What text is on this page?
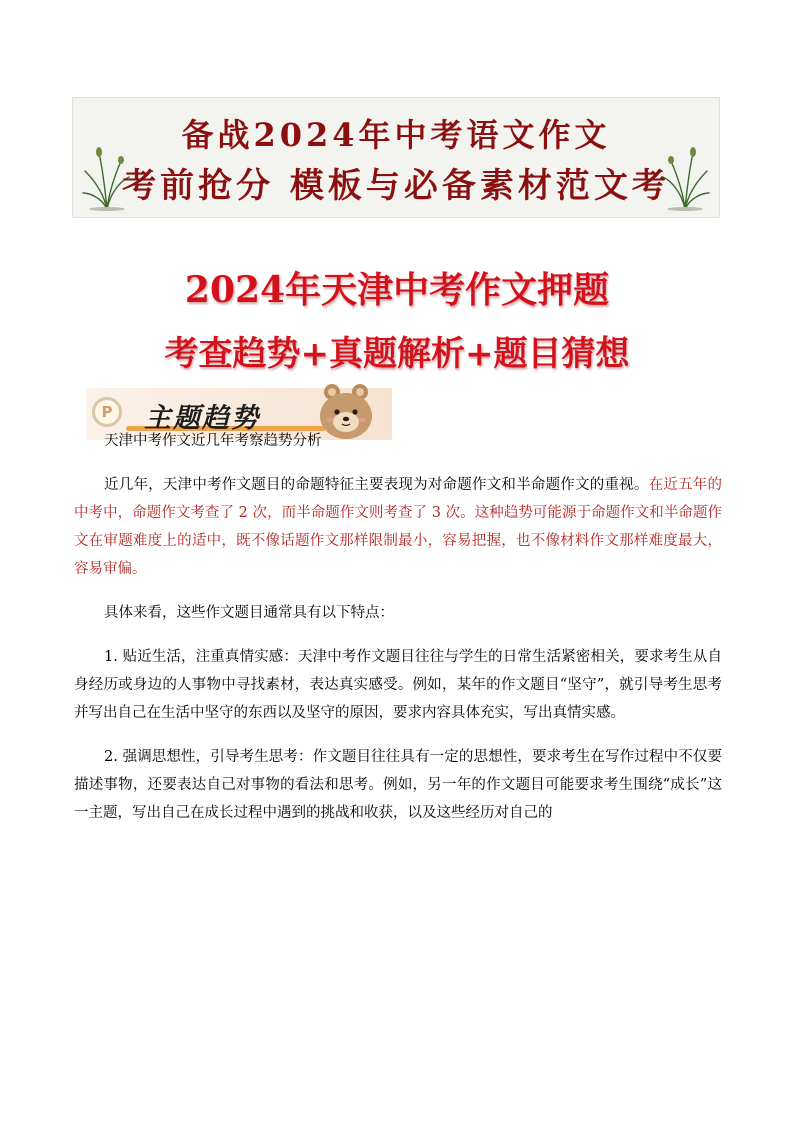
备战2024年中考语文作文
考前抢分 模板与必备素材范文考
2024年天津中考作文押题
考查趋势+真题解析+题目猜想
P	主题趋势

天津中考作文近几年考察趋势分析

近几年，天津中考作文题目的命题特征主要表现为对命题作文和半命题作文的重视。在近五年的中考中，命题作文考查了 2 次，而半命题作文则考查了 3 次。这种趋势可能源于命题作文和半命题作文在审题难度上的适中，既不像话题作文那样限制最小，容易把握，也不像材料作文那样难度最大，容易审偏。

具体来看，这些作文题目通常具有以下特点：

1. 贴近生活，注重真情实感：天津中考作文题目往往与学生的日常生活紧密相关，要求考生从自身经历或身边的人事物中寻找素材，表达真实感受。例如，某年的作文题目“坚守”，就引导考生思考并写出自己在生活中坚守的东西以及坚守的原因，要求内容具体充实，写出真情实感。

2. 强调思想性，引导考生思考：作文题目往往具有一定的思想性，要求考生在写作过程中不仅要描述事物，还要表达自己对事物的看法和思考。例如，另一年的作文题目可能要求考生围绕“成长”这一主题，写出自己在成长过程中遇到的挑战和收获，以及这些经历对自己的
